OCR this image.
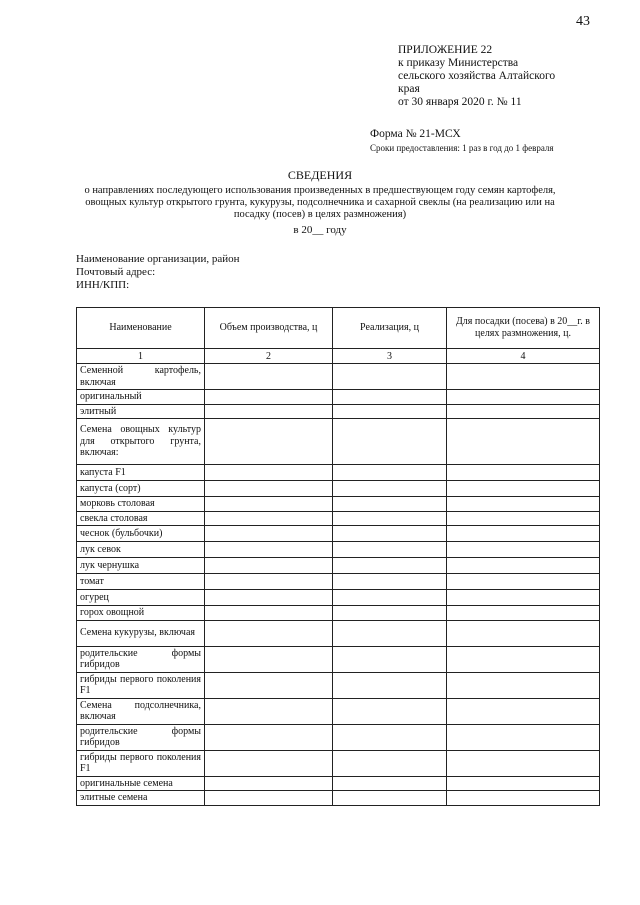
43
ПРИЛОЖЕНИЕ 22
к приказу Министерства
сельского хозяйства Алтайского
края
от 30 января 2020 г. № 11
Форма № 21-МСХ
Сроки предоставления: 1 раз в год до 1 февраля
СВЕДЕНИЯ
о направлениях последующего использования произведенных в предшествующем году семян картофеля, овощных культур открытого грунта, кукурузы, подсолнечника и сахарной свеклы (на реализацию или на посадку (посев) в целях размножения)
в 20__ году
Наименование организации, район
Почтовый адрес:
ИНН/КПП:
Наименование	Объем производства, ц	Реализация, ц	Для посадки (посева) в 20__г. в целях размножения, ц.
1	2	3	4
Семенной картофель, включая			
оригинальный			
элитный			
Семена овощных культур для открытого грунта, включая:			
капуста F1			
капуста (сорт)			
морковь столовая			
свекла столовая			
чеснок (бульбочки)			
лук севок			
лук чернушка			
томат			
огурец			
горох овощной			
Семена кукурузы, включая			
родительские формы гибридов			
гибриды первого поколения F1			
Семена подсолнечника, включая			
родительские формы гибридов			
гибриды первого поколения F1			
оригинальные семена			
элитные семена			
